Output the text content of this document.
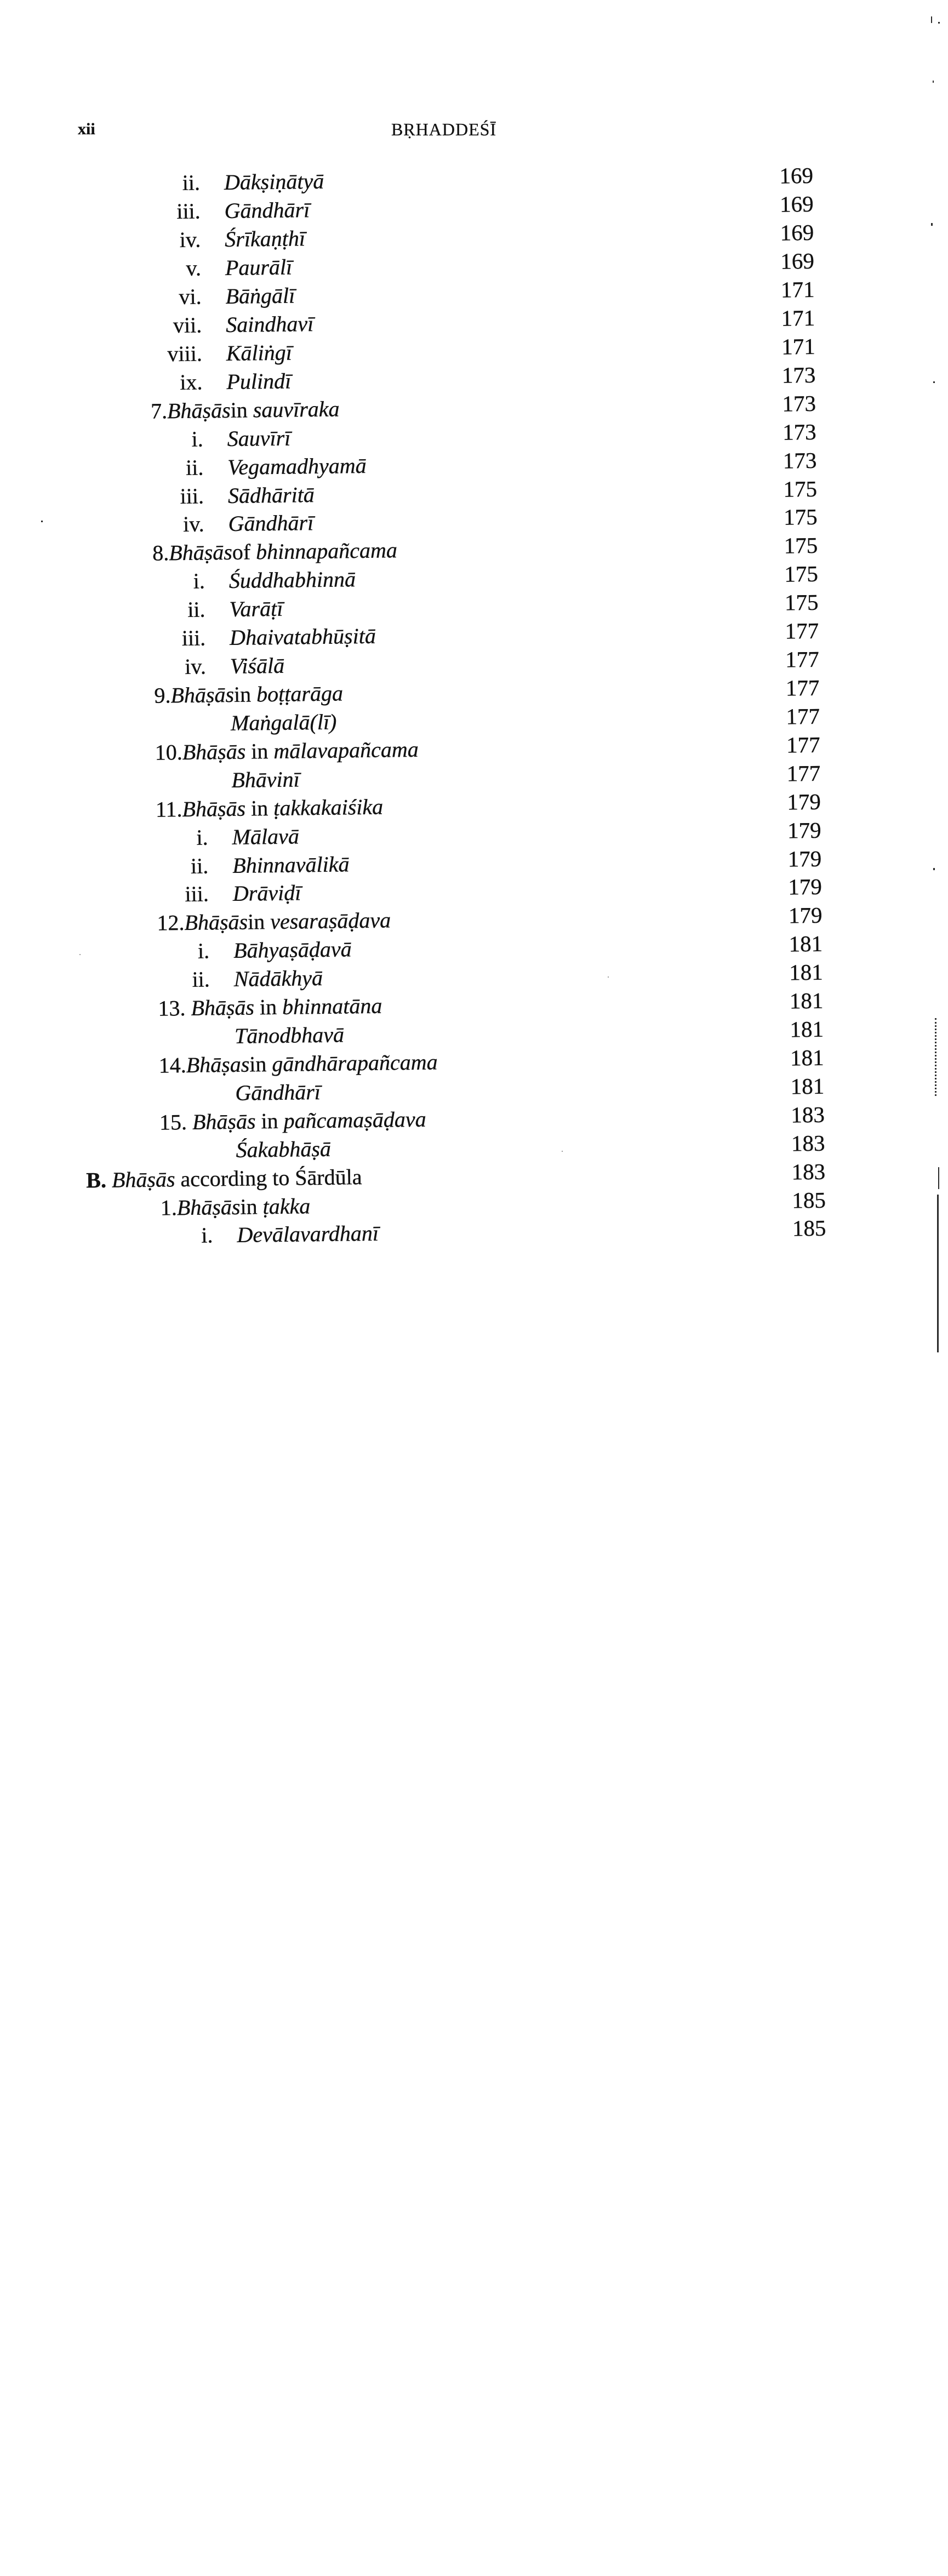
xii	BṚHADDEŚĪ
ii. Dākṣiṇātyā	169
iii. Gāndhārī	169
iv. Śrīkaṇṭhī	169
v. Paurālī	169
vi. Bāṅgālī	171
vii. Saindhavī	171
viii. Kāliṅgī	171
ix. Pulindī	173
7.Bhāṣāsin sauvīraka	173
i. Sauvīrī	173
ii. Vegamadhyamā	173
iii. Sādhāritā	175
iv. Gāndhārī	175
8.Bhāṣāsof bhinnapañcama	175
i. Śuddhabhinnā	175
ii. Varāṭī	175
iii. Dhaivatabhūṣitā	177
iv. Viśālā	177
9.Bhāṣāsin boṭṭarāga	177
Maṅgalā(lī)	177
10.Bhāṣās in mālavapañcama	177
Bhāvinī	177
11.Bhāṣās in ṭakkakaiśika	179
i. Mālavā	179
ii. Bhinnavālikā	179
iii. Drāviḍī	179
12.Bhāṣāsin vesaraṣāḍava	179
i. Bāhyaṣāḍavā	181
ii. Nādākhyā	181
13. Bhāṣās in bhinnatāna	181
Tānodbhavā	181
14.Bhāṣasin gāndhārapañcama	181
Gāndhārī	181
15. Bhāṣās in pañcamaṣāḍava	183
Śakabhāṣā	183
B. Bhāṣās according to Śārdūla	183
1.Bhāṣāsin ṭakka	185
i. Devālavardhanī	185
